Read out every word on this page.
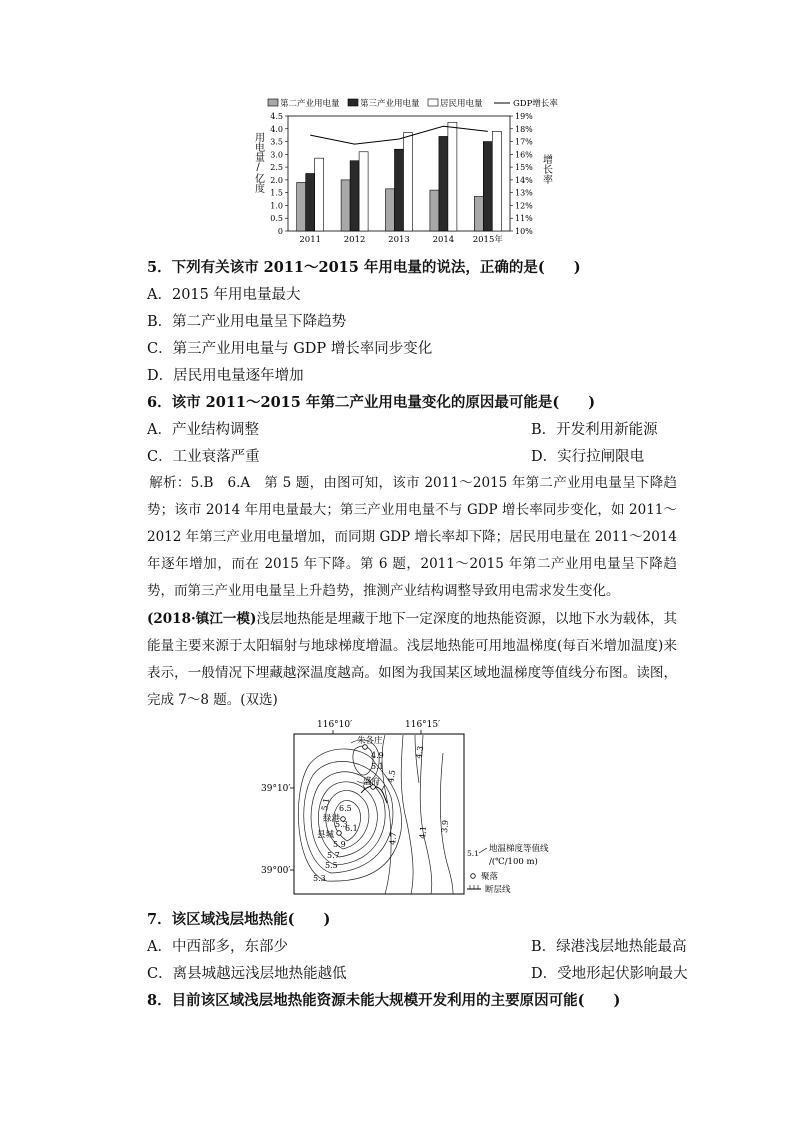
第二产业用电量 第三产业用电量 居民用电量	GDP增长率
用电量/亿度	增长率
0
0.5
1.0
1.5
2.0
2.5
3.0
3.5
4.0
4.5
10%
11%
12%
13%
14%
15%
16%
17%
18%
19%
2011	2012	2013	2014 2015年
5．下列有关该市 2011～2015 年用电量的说法，正确的是(　　)
A．2015 年用电量最大
B．第二产业用电量呈下降趋势
C．第三产业用电量与 GDP 增长率同步变化
D．居民用电量逐年增加
6．该市 2011～2015 年第二产业用电量变化的原因最可能是(　　)
A．产业结构调整	B．开发利用新能源
C．工业衰落严重	D．实行拉闸限电
解析：5.B　6.A　第 5 题，由图可知，该市 2011～2015 年第二产业用电量呈下降趋势；该市 2014 年用电量最大；第三产业用电量不与 GDP 增长率同步变化，如 2011～2012 年第三产业用电量增加，而同期 GDP 增长率却下降；居民用电量在 2011～2014 年逐年增加，而在 2015 年下降。第 6 题，2011～2015 年第二产业用电量呈下降趋势，而第三产业用电量呈上升趋势，推测产业结构调整导致用电需求发生变化。
(2018·镇江一模)浅层地热能是埋藏于地下一定深度的地热能资源，以地下水为载体，其能量主要来源于太阳辐射与地球梯度增温。浅层地热能可用地温梯度(每百米增加温度)来表示，一般情况下埋藏越深温度越高。如图为我国某区域地温梯度等值线分布图。读图，完成 7～8 题。(双选)
116°10′	116°15′
39°10′
39°00′
朱各庄
盛府
绿港
县城
4.9
5.1
4.5
4.3
6.5
6.1
5.3
5.9
5.7
5.5
5.3
4.7 4.1 3.9
5.1
5.1 地温梯度等值线
/(℃/100 m)
聚落
断层线
7．该区域浅层地热能(　　)
A．中西部多，东部少	B．绿港浅层地热能最高
C．离县城越远浅层地热能越低	D．受地形起伏影响最大
8．目前该区域浅层地热能资源未能大规模开发利用的主要原因可能(　　)
